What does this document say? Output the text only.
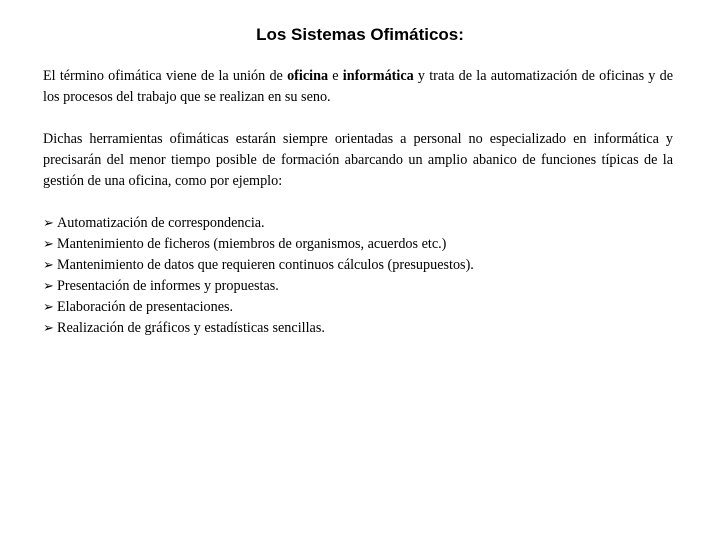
Los Sistemas Ofimáticos:

El término ofimática viene de la unión de oficina e informática y trata de la automatización de oficinas y de los procesos del trabajo que se realizan en su seno.

Dichas herramientas ofimáticas estarán siempre orientadas a personal no especializado en informática y precisarán del menor tiempo posible de formación abarcando un amplio abanico de funciones típicas de la gestión de una oficina, como por ejemplo:

➢ Automatización de correspondencia.
➢ Mantenimiento de ficheros (miembros de organismos, acuerdos etc.)
➢ Mantenimiento de datos que requieren continuos cálculos (presupuestos).
➢ Presentación de informes y propuestas.
➢ Elaboración de presentaciones.
➢ Realización de gráficos y estadísticas sencillas.
